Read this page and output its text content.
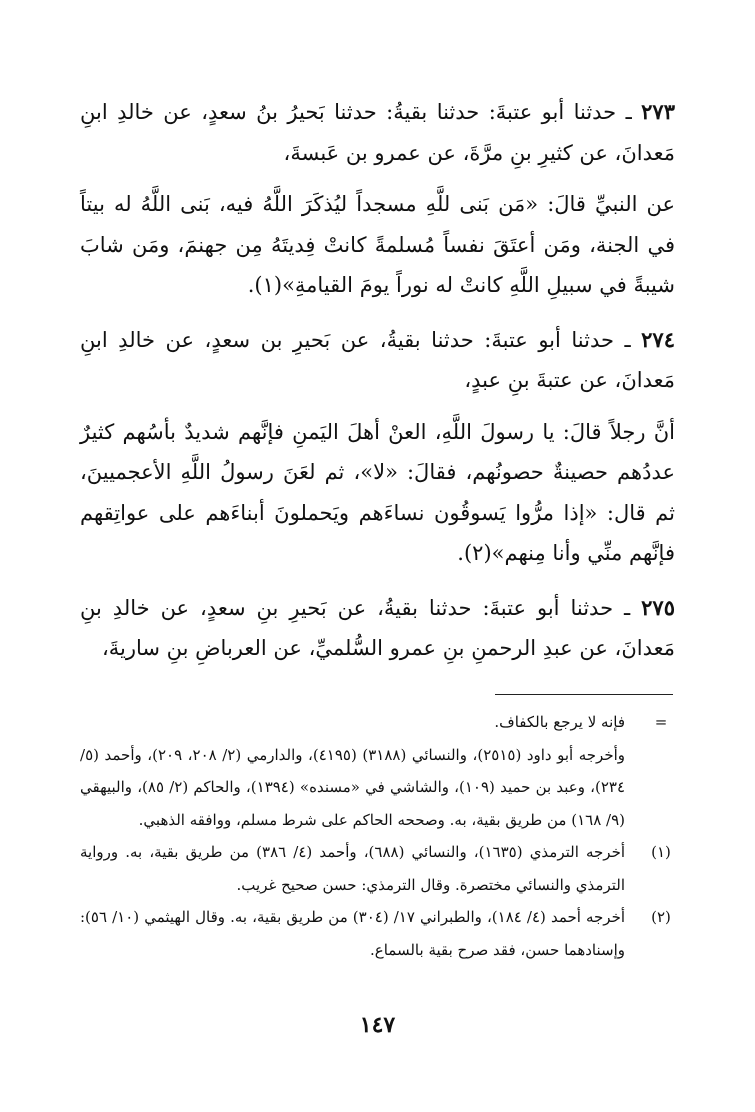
٢٧٣ ـ حدثنا أبو عتبةَ: حدثنا بقيةُ: حدثنا بَحيرُ بنُ سعدٍ، عن خالدِ ابنِ مَعدانَ، عن كثيرِ بنِ مرَّةَ، عن عمرو بن عَبسةَ،

عن النبيِّ قالَ: «مَن بَنى للَّهِ مسجداً ليُذكَرَ اللَّهُ فيه، بَنى اللَّهُ له بيتاً في الجنة، ومَن أعتَقَ نفساً مُسلمةً كانتْ فِديتَهُ مِن جهنمَ، ومَن شابَ شيبةً في سبيلِ اللَّهِ كانتْ له نوراً يومَ القيامةِ»(١).

٢٧٤ ـ حدثنا أبو عتبةَ: حدثنا بقيةُ، عن بَحيرِ بن سعدٍ، عن خالدِ ابنِ مَعدانَ، عن عتبةَ بنِ عبدٍ،

أنَّ رجلاً قالَ: يا رسولَ اللَّهِ، العنْ أهلَ اليَمنِ فإنَّهم شديدٌ بأسُهم كثيرٌ عددُهم حصينةٌ حصونُهم، فقالَ: «لا»، ثم لعَنَ رسولُ اللَّهِ الأعجميينَ، ثم قال: «إذا مرُّوا يَسوقُون نساءَهم ويَحملونَ أبناءَهم على عواتِقهم فإنَّهم منِّي وأنا مِنهم»(٢).

٢٧٥ ـ حدثنا أبو عتبةَ: حدثنا بقيةُ، عن بَحيرِ بنِ سعدٍ، عن خالدِ بنِ مَعدانَ، عن عبدِ الرحمنِ بنِ عمرو السُّلميِّ، عن العرباضِ بنِ ساريةَ،

=
فإنه لا يرجع بالكفاف.
وأخرجه أبو داود (٢٥١٥)، والنسائي (٣١٨٨) (٤١٩٥)، والدارمي (٢/ ٢٠٨، ٢٠٩)، وأحمد (٥/ ٢٣٤)، وعبد بن حميد (١٠٩)، والشاشي في «مسنده» (١٣٩٤)، والحاكم (٢/ ٨٥)، والبيهقي (٩/ ١٦٨) من طريق بقية، به. وصححه الحاكم على شرط مسلم، ووافقه الذهبي.
(١)
أخرجه الترمذي (١٦٣٥)، والنسائي (٦٨٨)، وأحمد (٤/ ٣٨٦) من طريق بقية، به. ورواية الترمذي والنسائي مختصرة. وقال الترمذي: حسن صحيح غريب.
(٢)
أخرجه أحمد (٤/ ١٨٤)، والطبراني ١٧/ (٣٠٤) من طريق بقية، به. وقال الهيثمي (١٠/ ٥٦): وإسنادهما حسن، فقد صرح بقية بالسماع.
١٤٧
